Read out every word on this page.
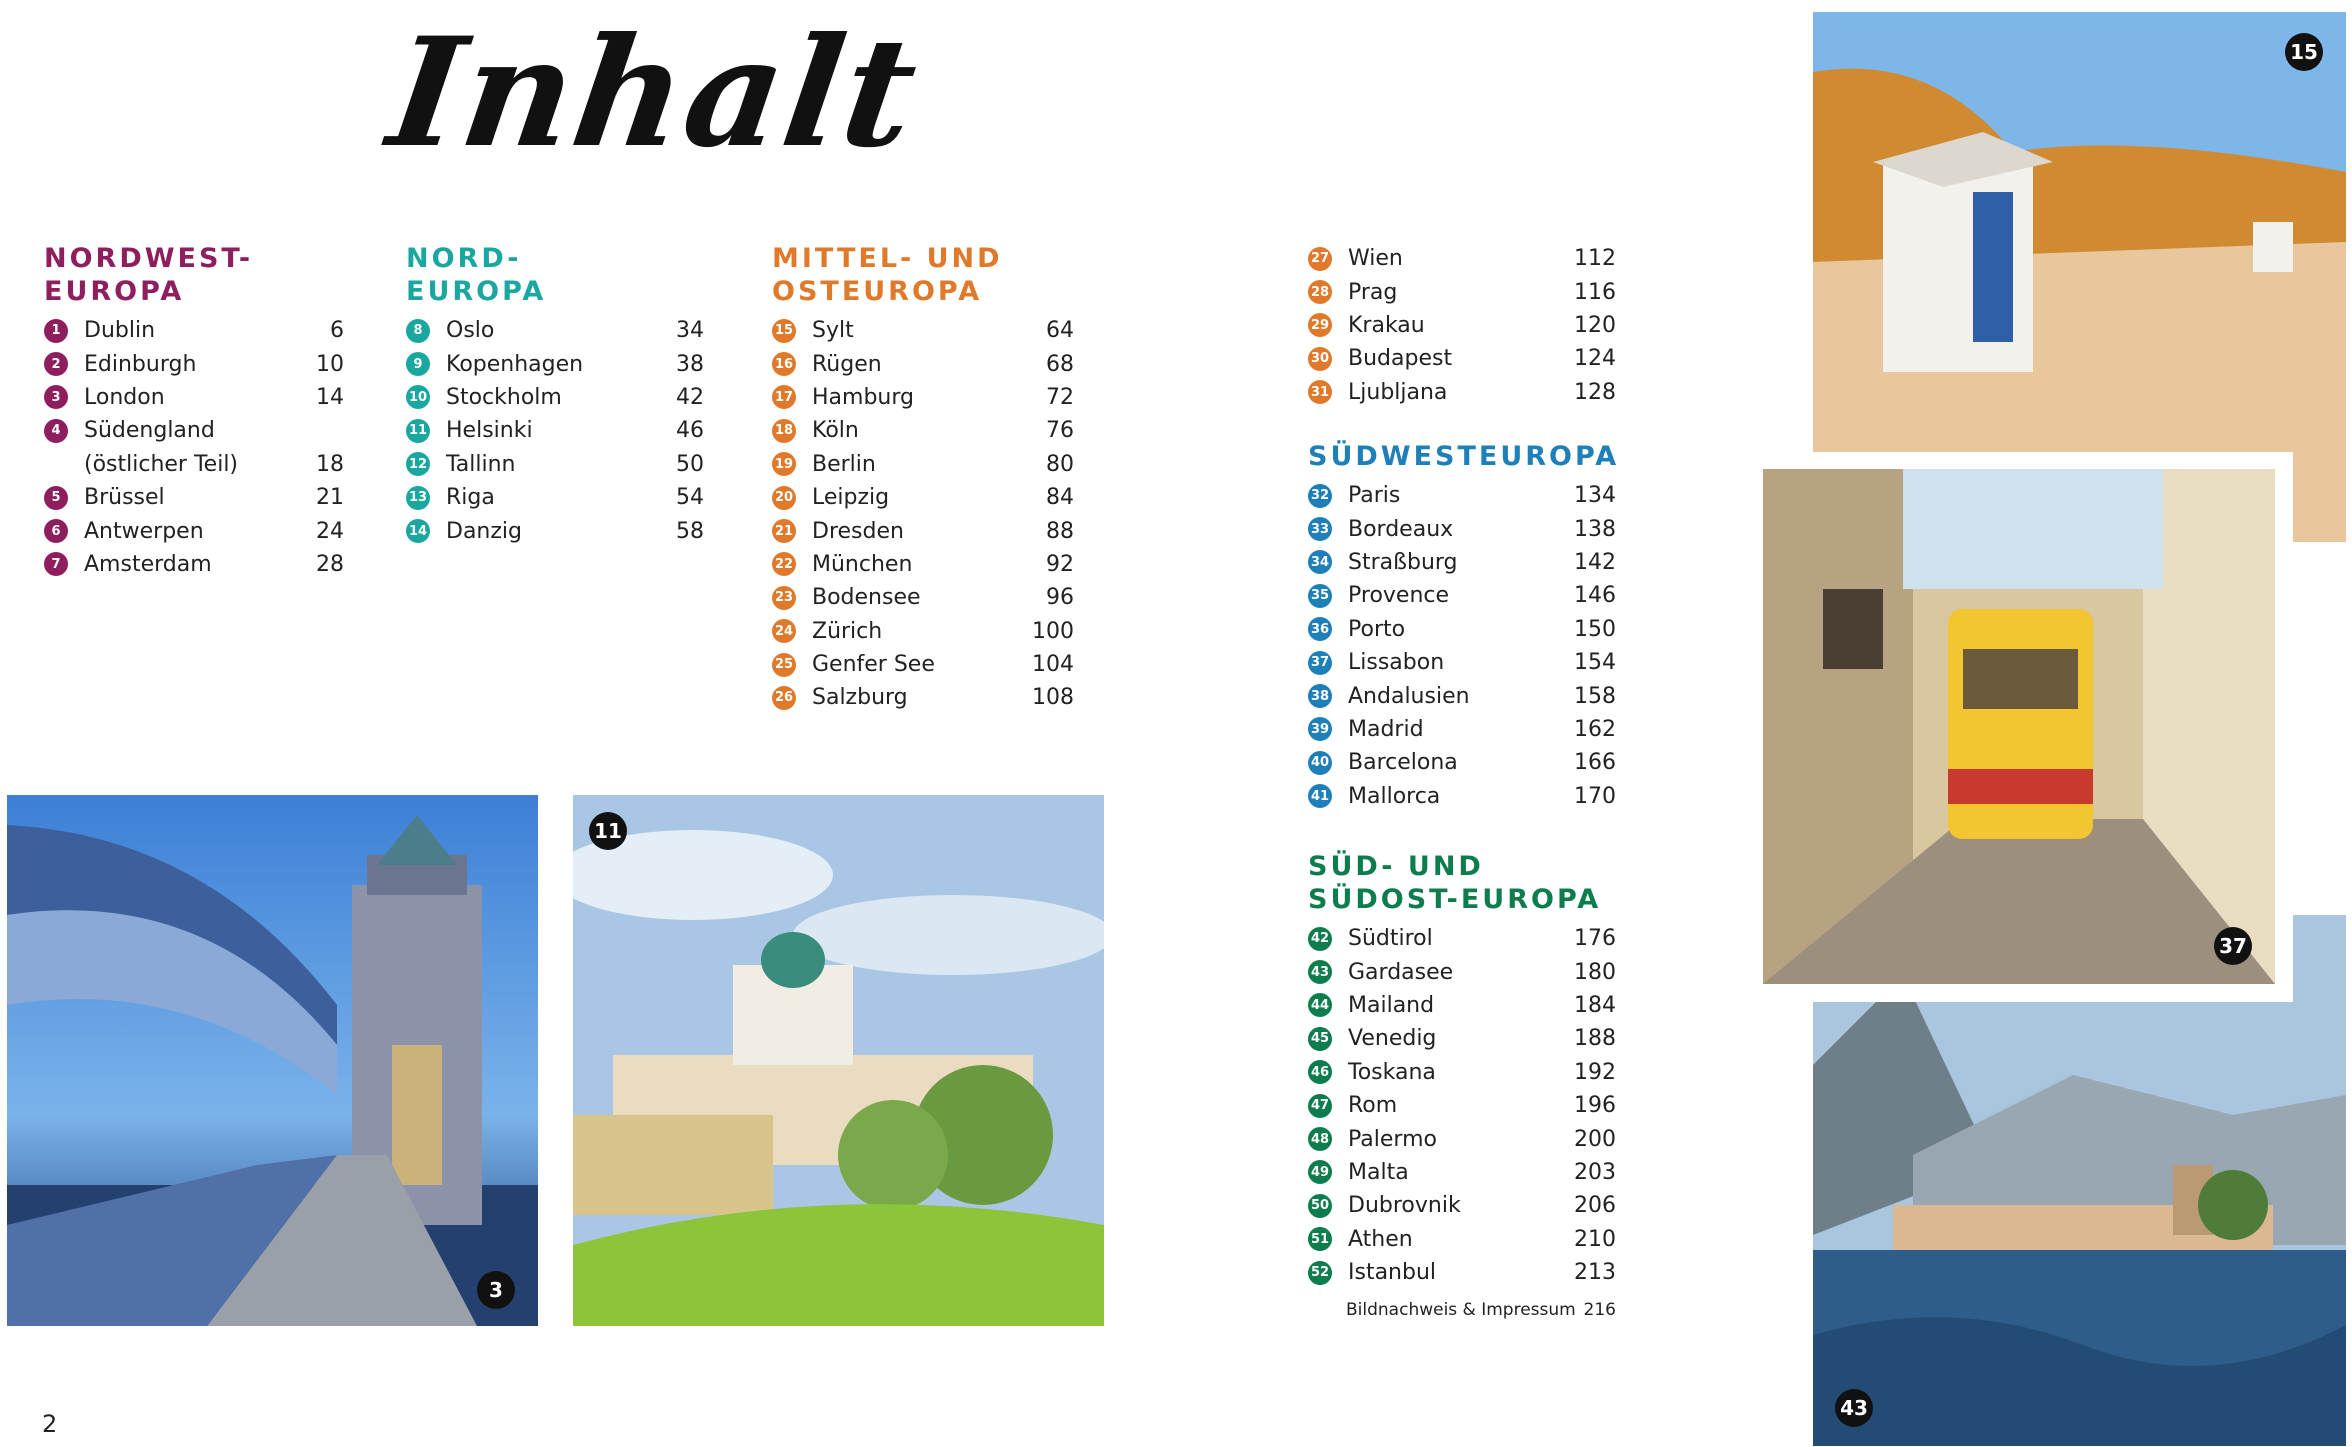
Inhalt
NORDWEST-
EUROPA
1	Dublin	6
2	Edinburgh	10
3	London	14
4	Südengland
(östlicher Teil)	18
5	Brüssel	21
6	Antwerpen	24
7	Amsterdam	28
NORD-
EUROPA
8	Oslo	34
9	Kopenhagen	38
10 Stockholm	42
11 Helsinki	46
12 Tallinn	50
13 Riga	54
14 Danzig	58
MITTEL- UND
OSTEUROPA
15 Sylt	64
16 Rügen	68
17 Hamburg	72
18 Köln	76
19 Berlin	80
20 Leipzig	84
21 Dresden	88
22 München	92
23 Bodensee	96
24 Zürich	100
25 Genfer See	104
26 Salzburg	108
27 Wien	112
28 Prag	116
29 Krakau	120
30 Budapest	124
31 Ljubljana	128
SÜDWESTEUROPA
32 Paris	134
33 Bordeaux	138
34 Straßburg	142
35 Provence	146
36 Porto	150
37 Lissabon	154
38 Andalusien	158
39 Madrid	162
40 Barcelona	166
41 Mallorca	170
SÜD- UND
SÜDOST-EUROPA
42 Südtirol	176
43 Gardasee	180
44 Mailand	184
45 Venedig	188
46 Toskana	192
47 Rom	196
48 Palermo	200
49 Malta	203
50 Dubrovnik	206
51 Athen	210
52 Istanbul	213
Bildnachweis & Impressum 216
2
3
11
15
43
37
